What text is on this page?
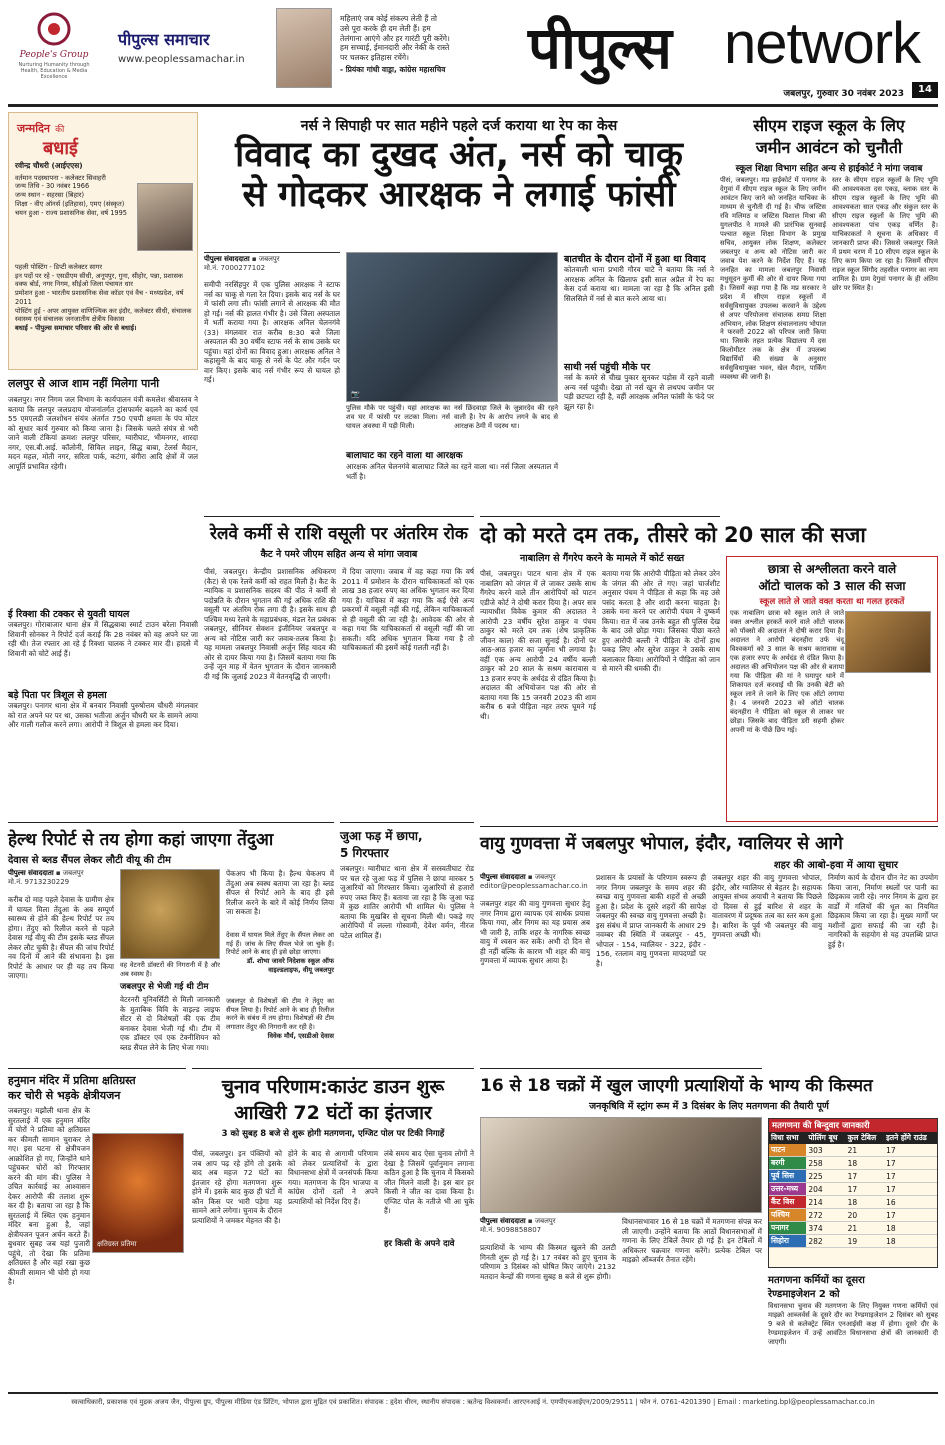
People's Group
Nurturing Humanity through Health, Education & Media Excellence
पीपुल्स समाचार
www.peoplessamachar.in
महिलाएं जब कोई संकल्प लेती हैं तो
उसे पूरा करके ही दम लेती हैं। हम
तेलंगाना आएंगे और हर गारंटी पूरी करेंगे।
हम सच्चाई, ईमानदारी और नेकी के रास्ते
पर चलकर इतिहास रचेंगे।
- प्रियंका गांधी वाड्रा, कांग्रेस महासचिव	पीपुल्स network
जबलपुर, गुरुवार 30 नवंबर 2023	14
जन्मदिन की
बधाई
रवीन्द्र चौधरी (आईएएस)
वर्तमान पदस्थापना - कलेक्टर सिवाहरी
जन्म तिथि - 30 नवंबर 1966
जन्म स्थान - सहरसा (बिहार)
शिक्षा - वीए ऑनर्स (इतिहास), एमए (संस्कृत)
चयन हुआ - राज्य प्रशासनिक सेवा, वर्ष 1995
पहली पोस्टिंग - डिप्टी कलेक्टर सागर
इन पदों पर रहे - एसडीएम सीधी, अनूपपुर, गुना, सीहोर, पन्ना, प्रशासक वक्फ बोर्ड, नगर निगम, सीईओ जिला पंचायत धार
प्रमोशन हुआ - भारतीय प्रशासनिक सेवा कॉडर एवं वैच - मध्यप्रदेश, वर्ष 2011
पोस्टिंग हुई - अपर आयुक्त वाणिज्यिक कर इंदौर, कलेक्टर सीधी, संचालक स्वास्थ्य एवं संचालक जनजातीय क्षेत्रीय विकास
बधाई - पीपुल्स समाचार परिवार की ओर से बधाई।
ललपुर से आज शाम नहीं मिलेगा पानी
जबलपुर। नगर निगम जल विभाग के कार्यपालन यंत्री कमलेश श्रीवास्तव ने बताया कि ललपुर जलप्रदाय योजनांतर्गत ट्रांसफार्मर बदलने का कार्य एवं 55 एमएलडी जलशोधन संयंत्र अंतर्गत 750 एचपी क्षमता के पंप मोटर को सुधार कार्य गुरुवार को किया जाना है। जिसके चलते संयंत्र से भरी जाने वाली टंकियां क्रमशः ललपुर परिसर, ग्वारीघाट, भीमनगर, शारदा नगर, एस.बी.आई. कॉलोनी, सिविल लाइन, सिद्ध बाबा, टेलर्स मैदान, मदन महल, मोती नगर, सरिता पार्क, कटंगा, बंगीरा आदि क्षेत्रों में जल आपूर्ति प्रभावित रहेगी।
ई रिक्शा की टक्कर से युवती घायल
जबलपुर। गोराबाजार थाना क्षेत्र में सिद्धबाबा स्मार्ट टाउन बरेला निवासी शिवानी सोनकर ने रिपोर्ट दर्ज कराई कि 28 नवंबर को वह अपने घर जा रही थी। तेज रफ्तार आ रहे ई रिक्शा चालक ने टक्कर मार दी। हादसे में शिवानी को चोटें आई हैं।
बड़े पिता पर त्रिशूल से हमला
जबलपुर। पनागर थाना क्षेत्र में बनवार निवासी पुरुषोत्तम चौधरी मंगलवार को रात अपने घर पर था, उसका भतीजा अर्जुन चौधरी घर के सामने आया और गाली गलौज करने लगा। आरोपी ने त्रिशूल से हमला कर दिया।
नर्स ने सिपाही पर सात महीने पहले दर्ज कराया था रेप का केस
विवाद का दुखद अंत, नर्स को चाकू
से गोदकर आरक्षक ने लगाई फांसी
पीपुल्स संवाददाता ▪ जबलपुर
मो.नं. 7000277102
समीपी नरसिंहपुर में एक पुलिस आरक्षक ने स्टाफ नर्स का चाकू से गला रेत दिया। इसके बाद नर्स के घर में फांसी लगा ली। फांसी लगाने से आरक्षक की मौत हो गई। नर्स की हालत गंभीर है। उसे जिला अस्पताल में भर्ती कराया गया है। आरक्षक अनिल चेलनगंवे (33) मंगलवार रात करीब 8:30 बजे जिला अस्पताल की 30 वर्षीय स्टाफ नर्स के साथ उसके घर पहुंचा। यहां दोनों का विवाद हुआ। आरक्षक अनिल ने कहासुनी के बाद चाकू से नर्स के पेट और गर्दन पर वार किए। इसके बाद नर्स गंभीर रूप से घायल हो गई।
📷
पुलिस मौके पर पहुंची। यहां आरक्षक का शव घर में फांसी पर लटका मिला। नर्स घायल अवस्था में पड़ी मिली।
नर्स छिंदवाड़ा जिले के जुन्नारदेव की रहने वाली है। रेप के आरोप लगने के बाद से आरक्षक ठेमी में पदस्थ था।
बालाघाट का रहने वाला था आरक्षक
आरक्षक अनिल चेलनगंवे बालाघाट जिले का रहने वाला था। नर्स जिला अस्पताल में भर्ती है।
बातचीत के दौरान दोनों में हुआ था विवाद
कोतवाली थाना प्रभारी गौरव चाटे ने बताया कि नर्स ने आरक्षक अनिल के खिलाफ इसी साल अप्रैल में रेप का केस दर्ज कराया था। मामला जा रहा है कि अनिल इसी सिलसिले में नर्स से बात करने आया था।
साथी नर्स पहुंची मौके पर
नर्स के कमरे से चीख पुकार सुनकर पड़ोस में रहने वाली अन्य नर्स पहुंची। देखा तो नर्स खून से लथपथ जमीन पर पड़ी छटपटा रही है, वहीं आरक्षक अनिल फांसी के फंदे पर झूल रहा है।
सीएम राइज स्कूल के लिए
जमीन आवंटन को चुनौती
स्कूल शिक्षा विभाग सहित अन्य से हाईकोर्ट ने मांगा जवाब
पीसं, जबलपुर। मप्र हाईकोर्ट में पनागर के देगुवां में सीएम राइज स्कूल के लिए जमीन आवंटन किए जाने को जनहित याचिका के माध्यम से चुनौती दी गई है। चीफ जस्टिस रवि मलिमठ व जस्टिस विशाल मिश्रा की युगलपीठ ने मामले की प्रारंभिक सुनवाई पश्चात स्कूल शिक्षा विभाग के प्रमुख सचिव, आयुक्त लोक शिक्षण, कलेक्टर जबलपुर व अन्य को नोटिस जारी कर जवाब पेश करने के निर्देश दिए हैं। यह जनहित का मामला जबलपुर निवासी मधुसूदन कुर्मी की ओर से दायर किया गया है। जिसमें कहा गया है कि मप्र सरकार ने प्रदेश में सीएम राइज स्कूलों में सर्वसुविधायुक्त उपलब्ध करवाने के उद्देश्य से अपर परियोजना संचालक समग्र शिक्षा अभियान, लोक शिक्षण संचालनालय भोपाल ने फरवरी 2022 को परिपत्र जारी किया था। जिसके तहत प्रत्येक विद्यालय में दस किलोमीटर तक के क्षेत्र में उपलब्ध विद्यार्थियों की संख्या के अनुसार सर्वसुविधायुक्त भवन, खेल मैदान, पार्किंग व्यवस्था की जानी है।
स्तर के सीएम राइज स्कूलों के लिए भूमि की आवश्यकता दस एकड़, ब्लाक स्तर के सीएम राइज स्कूलों के लिए भूमि की आवश्यकता सात एकड़ और संकुल स्तर के सीएम राइज स्कूलों के लिए भूमि की आवश्यकता पांच एकड़ वर्णित है। याचिकाकर्ता ने सूचना के अधिकार में जानकारी प्राप्त की। जिससे जबलपुर जिले में प्रथम चरण में 10 सीएम राइज स्कूल के लिए काम किया जा रहा है। जिसमें सीएम राइज स्कूल सिंगौद तहसील पनागर का नाम शामिल है। ग्राम देगुवां पनागर के ही अंतिम छोर पर स्थित है।
रेलवे कर्मी से राशि वसूली पर अंतरिम रोक
कैट ने पमरे जीएम सहित अन्य से मांगा जवाब
पीसं, जबलपुर। केन्द्रीय प्रशासनिक अधिकरण (कैट) से एक रेलवे कर्मी को राहत मिली है। कैट के न्यायिक व प्रशासनिक सदस्य की पीठ ने कर्मी से पदोन्नति के दौरान भुगतान की गई अधिक राशि की वसूली पर अंतरिम रोक लगा दी है। इसके साथ ही पश्चिम मध्य रेलवे के महाप्रबंधक, मंडल रेल प्रबंधक जबलपुर, सीनियर सेक्शन इंजीनियर जबलपुर व अन्य को नोटिस जारी कर जवाब-तलब किया है। यह मामला जबलपुर निवासी अर्जुन सिंह यादव की ओर से दायर किया गया है। जिसमें बताया गया कि उन्हें जून माह में वेतन भुगतान के दौरान जानकारी दी गई कि जुलाई 2023 में वेतनवृद्धि दी जाएगी।
में दिया जाएगा। जवाब में वह कहा गया कि वर्ष 2011 में प्रमोशन के दौरान याचिकाकर्ता को एक लाख 38 हजार रुपए का अधिक भुगतान कर दिया गया है। याचिका में कहा गया कि कई ऐसे अन्य प्रकरणों में वसूली नहीं की गई, लेकिन याचिकाकर्ता से ही वसूली की जा रही है। आवेदक की ओर से कहा गया कि याचिकाकर्ता से वसूली नहीं की जा सकती। यदि अधिक भुगतान किया गया है तो याचिकाकर्ता की इसमें कोई गलती नहीं है।
दो को मरते दम तक, तीसरे को 20 साल की सजा
नाबालिग से गैंगरेप करने के मामले में कोर्ट सख्त
पीसं, जबलपुर। पाटन थाना क्षेत्र में एक नाबालिग को जंगल में ले जाकर उसके साथ गैंगरेप करने वाले तीन आरोपियों को पाटन एडीजे कोर्ट ने दोषी करार दिया है। अपर सत्र न्यायाधीश विवेक कुमार की अदालत ने आरोपी 23 वर्षीय सुरेश ठाकुर व पंचम ठाकुर को मरते दम तक (शेष प्राकृतिक जीवन काल) की सजा सुनाई है। दोनों पर आठ-आठ हजार का जुर्माना भी लगाया है। वहीं एक अन्य आरोपी 24 वर्षीय बल्ली ठाकुर को 20 साल के सश्रम कारावास व 13 हजार रुपए के अर्थदंड से दंडित किया है। अदालत की अभियोजन पक्ष की ओर से बताया गया कि 15 जनवरी 2023 की शाम करीब 6 बजे पीड़िता नहर तरफ घूमने गई थी।
बताया गया कि आरोपी पीड़िता को लेकर उरेन के जंगल की ओर ले गए। जहां चार्जशीट अनुसार पंचम ने पीड़िता से कहा कि वह उसे पसंद करता है और शादी करना चाहता है। उसके मना करने पर आरोपी पंचम ने दुष्कर्म किया। रात में जब उनके बहुत सी पुलिस देख के बाद उसे छोड़ा गया। जिसका पीछा करते हुए आरोपी बल्ली ने पीड़िता के दोनों हाथ पकड़ लिए और सुरेश ठाकुर ने उसके साथ बलात्कार किया। आरोपियों ने पीड़िता को जान से मारने की धमकी दी।
छात्रा से अश्लीलता करने वाले
ऑटो चालक को 3 साल की सजा
स्कूल लाते ले जाते वक्त करता था गलत हरकतें
एक नाबालिग छात्रा को स्कूल लाते ले जाते वक्त अश्लील हरकतें करने वाले ऑटो चालक को पॉक्सो की अदालत ने दोषी करार दिया है। अदालत ने आरोपी बंदनहीरा उर्फ चंदू विश्वकर्मा को 3 साल के सश्रम कारावास व एक हजार रुपए के अर्थदंड से दंडित किया है। अदालत की अभियोजन पक्ष की ओर से बताया गया कि पीड़िता की मां ने घमापुर थाने में शिकायत दर्ज करवाई थी कि उनकी बेटी को स्कूल लाने ले जाने के लिए एक ऑटो लगाया है। 4 जनवरी 2023 को ऑटो चालक बंदनहीरा ने पीड़िता को स्कूल से लाकर घर छोड़ा। जिसके बाद पीड़िता डरी सहमी होकर अपनी मां के पीछे छिप गई।
हेल्थ रिपोर्ट से तय होगा कहां जाएगा तेंदुआ
देवास से ब्लड सैंपल लेकर लौटी वीयू की टीम
पीपुल्स संवाददाता ▪ जबलपुर
मो.नं. 9713230229
करीब दो माह पहले देवास के ग्रामीण क्षेत्र में घायल मिला तेंदुआ के अब सम्पूर्ण स्वास्थ्य से होने की हेल्थ रिपोर्ट पर तय होगा। तेंदुए को रिलीज करने से पहले देवास गई वीयू की टीम इसके ब्लड सैंपल लेकर लौट चुकी है। सैंपल की जांच रिपोर्ट नव दिनों में आने की संभावना है। इस रिपोर्ट के आधार पर ही यह तय किया जाएगा।
वह वेटनरी डॉक्टरों की निगरानी में है और अब स्वस्थ है।
जबलपुर से भेजी गई थी टीम
वेटरनरी यूनिवर्सिटी से मिली जानकारी के मुताबिक विवि के वाइल्ड लाइफ सेंटर से दो विशेषज्ञों की एक टीम बनाकर देवास भेजी गई थी। टीम में एक डॉक्टर एवं एक टेक्नीशियन को ब्लड सैंपल लेने के लिए भेजा गया।
पेंकअप भी किया है। हैल्थ चेकअप में तेंदुआ अब स्वस्थ बताया जा रहा है। ब्लड सैंपल से रिपोर्ट आने के बाद ही इसे रिलीज करने के बारे में कोई निर्णय लिया जा सकता है।
देवास में घायल मिले तेंदुए के सैंपल लेकर आ गई हैं। जांच के लिए सैंपल भेजे जा चुके हैं। रिपोर्ट आने के बाद ही इसे छोड़ा जाएगा।
डॉ. शोभा जावरे निदेशक स्कूल ऑफ वाइल्डलाइफ, वीयू जबलपुर
जबलपुर से विशेषज्ञों की टीम ने तेंदुए का सैंपल लिया है। रिपोर्ट आने के बाद ही रिलीज करने के संबंध में तय होगा। विशेषज्ञों की टीम लगातार तेंदुए की निगरानी कर रही है।
विवेक मौर्य, एसडीओ देवास
जुआ फड़ में छापा,
5 गिरफ्तार
जबलपुर। ग्वारीघाट थाना क्षेत्र में सरस्वतीघाट रोड पर चल रहे जुआ फड़ में पुलिस ने छापा मारकर 5 जुआरियों को गिरफ्तार किया। जुआरियों से हजारों रुपए जब्त किए हैं। बताया जा रहा है कि जुआ फड़ में कुछ शातिर आरोपी भी शामिल थे। पुलिस ने बताया कि मुखबिर से सूचना मिली थी। पकड़े गए आरोपियों में लल्ला गोस्वामी, देवेश वर्मन, नीरज पटेल शामिल हैं।
वायु गुणवत्ता में जबलपुर भोपाल, इंदौर, ग्वालियर से आगे
शहर की आबो-हवा में आया सुधार
पीपुल्स संवाददाता ▪ जबलपुर
editor@peoplessamachar.co.in
जबलपुर शहर की वायु गुणवत्ता सुधार हेतु नगर निगम द्वारा व्यापक एवं सार्थक प्रयास किया गया, और निगम का यह प्रयास अब भी जारी है, ताकि शहर के नागरिक स्वच्छ वायु में श्वसन कर सकें। अभी दो दिन से ही नहीं बल्कि के कारण भी शहर की वायु गुणवत्ता में व्यापक सुधार आया है।
प्रशासन के प्रयासों के परिणाम स्वरूप ही नगर निगम जबलपुर के समय शहर की स्वच्छ वायु गुणवत्ता बाकी शहरों से अच्छी हुआ है। प्रदेश के दूसरे शहरों की सापेक्ष जबलपुर की स्वच्छ वायु गुणवत्ता अच्छी है। इस संबंध में प्राप्त जानकारी के आधार 29 नवम्बर की स्थिति में जबलपुर - 45, भोपाल - 154, ग्वालियर - 322, इंदौर - 156, रतलाम वायु गुणवत्ता मापदण्डों पर है।
जबलपुर शहर की वायु गुणवत्ता भोपाल, इंदौर, और ग्वालियर से बेहतर है। सहायक आयुक्त संभव अयाची ने बताया कि पिछले दो दिवस से हुई बारिश से शहर के वातावरण में प्रदूषक तत्व का स्तर कम हुआ है। बारिश के पूर्व भी जबलपुर की वायु गुणवत्ता अच्छी थी।
निर्माण कार्य के दौरान ग्रीन नेट का उपयोग किया जाना, निर्माण स्थलों पर पानी का छिड़काव जारी रहे। नगर निगम के द्वारा हर वार्डों में गलियों की धूल का नियमित छिड़काव किया जा रहा है। मुख्य मार्गों पर मशीनों द्वारा सफाई की जा रही है। नागरिकों के सहयोग से यह उपलब्धि प्राप्त हुई है।
हनुमान मंदिर में प्रतिमा क्षतिग्रस्त
कर चोरी से भड़के क्षेत्रीयजन
क्षतिग्रस्त प्रतिमा
जबलपुर। मझौली थाना क्षेत्र के सुरतलाई में एक हनुमान मंदिर में चोरों ने प्रतिमा को क्षतिग्रस्त कर कीमती सामान चुराकर ले गए। इस घटना से क्षेत्रीयजन आक्रोशित हो गए, जिन्होंने थाने पहुंचकर चोरों को गिरफ्तार करने की मांग की। पुलिस ने उचित कार्रवाई का आश्वासन देकर आरोपी की तलाश शुरू कर दी है। बताया जा रहा है कि सुरतलाई में स्थित एक हनुमान मंदिर बना हुआ है, जहां क्षेत्रीयजन पूजन अर्चन करते हैं। बुधवार सुबह जब यहां पुजारी पहुंचे, तो देखा कि प्रतिमा क्षतिग्रस्त है और वहां रखा कुछ कीमती सामान भी चोरी हो गया है।
चुनाव परिणाम:काउंट डाउन शुरू
आखिरी 72 घंटों का इंतजार
3 को सुबह 8 बजे से शुरू होगी मतगणना, एग्जिट पोल पर टिकी निगाहें
पीसं, जबलपुर। इन पंक्तियों को जब आप पढ़ रहे होंगे तो इसके बाद अब महज 72 घंटों का इंतजार रहे होगा मतगणना शुरू होने में। इसके बाद कुछ ही घंटों में कौन किस पर भारी पड़ेगा यह सामने आने लगेगा। चुनाव के दौरान प्रत्याशियों ने जमकर मेहनत की है।
होने के बाद से आगामी परिणाम को लेकर प्रत्याशियों के द्वारा विधानसभा क्षेत्रों में जनसंपर्क किया गया। मतगणना के दिन भाजपा व कांग्रेस दोनों दलों ने अपने प्रत्याशियों को निर्देश दिए हैं।
लंबे समय बाद ऐसा चुनाव लोगों ने देखा है जिसमें पूर्वानुमान लगाना कठिन हुआ है कि चुनाव में किसको जीत मिलने वाली है। इस बार हर किसी ने जीत का दावा किया है। एग्जिट पोल के नतीजे भी आ चुके हैं।
हर किसी के अपने दावे
16 से 18 चक्रों में खुल जाएगी प्रत्याशियों के भाग्य की किस्मत
जनकृषिवि में स्ट्रांग रूम में 3 दिसंबर के लिए मतगणना की तैयारी पूर्ण
पीपुल्स संवाददाता ▪ जबलपुर
मो.नं. 9098858807
प्रत्याशियों के भाग्य की किस्मत खुलने की उलटी गिनती शुरू हो गई है। 17 नवंबर को हुए चुनाव के परिणाम 3 दिसंबर को घोषित किए जाएंगे। 2132 मतदान केन्द्रों की गणना सुबह 8 बजे से शुरू होगी।
विधानसभावार 16 से 18 चक्रों में मतगणना संपन्न कर ली जाएगी। उन्होंने बताया कि आठों विधानसभाओं में गणना के लिए टेबिलें तैयार हो गई हैं। इन टेबिलों में अधिकतर चक्रवार गणना करेंगे। प्रत्येक टेबिल पर माइक्रो ऑब्जर्वर तैनात रहेंगे।
मतगणना की बिन्दुवार जानकारी
विधा सभा	पोलिंग बूथ	कुल टेबिल	इतने होंगे राउंड
पाटन	303	21	17
बरगी	258	18	17
पूर्व सिस	225	17	17
उत्तर-मध्य	204	17	17
कैंट विस	214	18	16
पश्चिम	272	20	17
पनागर	374	21	18
सिहोरा	282	19	18
मतगणना कर्मियों का दूसरा
रेण्डमाइजेशन 2 को
विधानसभा चुनाव की मतगणना के लिए नियुक्त गणना कर्मियों एवं माइक्रो आब्जर्वर्स के दूसरे दौर का रेण्डमाइजेशन 2 दिसंबर को सुबह 9 बजे से कलेक्ट्रेट स्थित एनआईसी कक्ष में होगा। दूसरे दौर के रेण्डमाइजेशन में उन्हें आवंटित विधानसभा क्षेत्रों की जानकारी दी जाएगी।
स्वत्वाधिकारी, प्रकाशक एवं मुद्रक अजय जैन, पीपुल्स ग्रुप, पीपुल्स मीडिया एंड प्रिंटिंग, भोपाल द्वारा मुद्रित एवं प्रकाशित। संपादक : हृदेश धीरन, स्थानीय संपादक : ऋतेन्द्र विश्वकर्मा। आरएनआई नं. एमपीएचआईएन/2009/29511 | फोन नं. 0761-4201390 | Email : marketing.bpl@peoplessamachar.co.in
